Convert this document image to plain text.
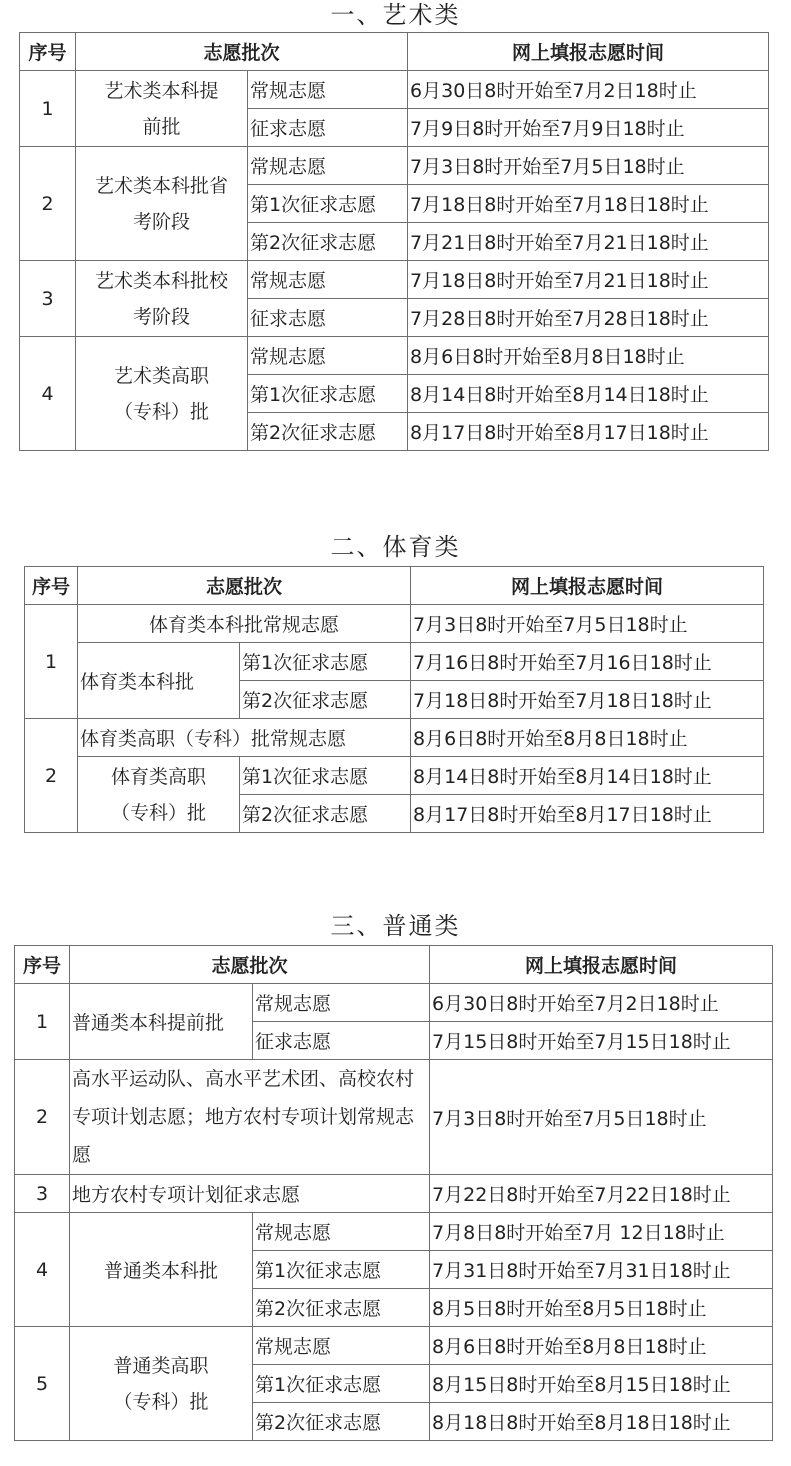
一、艺术类
序号	志愿批次		网上填报志愿时间
1	艺术类本科提前批	常规志愿	6月30日8时开始至7月2日18时止
		征求志愿	7月9日8时开始至7月9日18时止
2	艺术类本科批省考阶段	常规志愿	7月3日8时开始至7月5日18时止
		第1次征求志愿	7月18日8时开始至7月18日18时止
		第2次征求志愿	7月21日8时开始至7月21日18时止
3	艺术类本科批校考阶段	常规志愿	7月18日8时开始至7月21日18时止
		征求志愿	7月28日8时开始至7月28日18时止
4	艺术类高职（专科）批	常规志愿	8月6日8时开始至8月8日18时止
		第1次征求志愿	8月14日8时开始至8月14日18时止
		第2次征求志愿	8月17日8时开始至8月17日18时止
二、体育类
序号	志愿批次		网上填报志愿时间
1	体育类本科批常规志愿		7月3日8时开始至7月5日18时止
	体育类本科批	第1次征求志愿	7月16日8时开始至7月16日18时止
		第2次征求志愿	7月18日8时开始至7月18日18时止
2	体育类高职（专科）批常规志愿		8月6日8时开始至8月8日18时止
	体育类高职（专科）批	第1次征求志愿	8月14日8时开始至8月14日18时止
		第2次征求志愿	8月17日8时开始至8月17日18时止
三、普通类
序号	志愿批次		网上填报志愿时间
1	普通类本科提前批	常规志愿	6月30日8时开始至7月2日18时止
		征求志愿	7月15日8时开始至7月15日18时止
2	高水平运动队、高水平艺术团、高校农村专项计划志愿；地方农村专项计划常规志愿		7月3日8时开始至7月5日18时止
3	地方农村专项计划征求志愿		7月22日8时开始至7月22日18时止
4	普通类本科批	常规志愿	7月8日8时开始至7月 12日18时止
		第1次征求志愿	7月31日8时开始至7月31日18时止
		第2次征求志愿	8月5日8时开始至8月5日18时止
5	普通类高职（专科）批	常规志愿	8月6日8时开始至8月8日18时止
		第1次征求志愿	8月15日8时开始至8月15日18时止
		第2次征求志愿	8月18日8时开始至8月18日18时止
